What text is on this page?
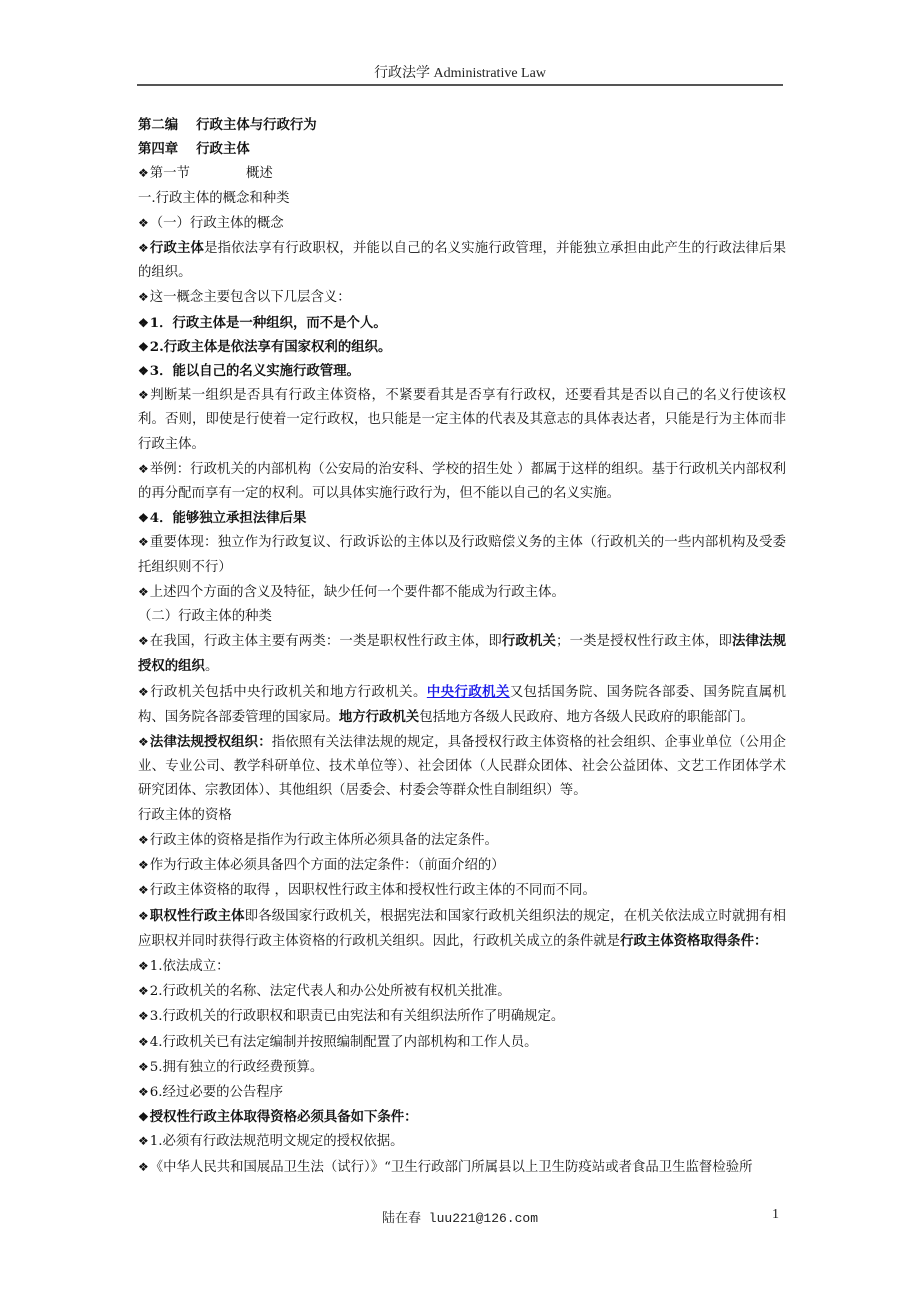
行政法学 Administrative Law

第二编 行政主体与行政行为

第四章 行政主体

❖第一节	概述

一.行政主体的概念和种类

❖（一）行政主体的概念

❖行政主体是指依法享有行政职权，并能以自己的名义实施行政管理，并能独立承担由此产生的行政法律后果的组织。

❖这一概念主要包含以下几层含义：

❖1．行政主体是一种组织，而不是个人。

❖2.行政主体是依法享有国家权利的组织。

❖3．能以自己的名义实施行政管理。

❖判断某一组织是否具有行政主体资格，不紧要看其是否享有行政权，还要看其是否以自己的名义行使该权利。否则，即使是行使着一定行政权，也只能是一定主体的代表及其意志的具体表达者，只能是行为主体而非行政主体。

❖举例：行政机关的内部机构（公安局的治安科、学校的招生处 ）都属于这样的组织。基于行政机关内部权利的再分配而享有一定的权利。可以具体实施行政行为，但不能以自己的名义实施。

❖4．能够独立承担法律后果

❖重要体现：独立作为行政复议、行政诉讼的主体以及行政赔偿义务的主体（行政机关的一些内部机构及受委托组织则不行）

❖上述四个方面的含义及特征，缺少任何一个要件都不能成为行政主体。

（二）行政主体的种类

❖在我国，行政主体主要有两类：一类是职权性行政主体，即行政机关；一类是授权性行政主体，即法律法规授权的组织。

❖行政机关包括中央行政机关和地方行政机关。中央行政机关又包括国务院、国务院各部委、国务院直属机构、国务院各部委管理的国家局。地方行政机关包括地方各级人民政府、地方各级人民政府的职能部门。

❖法律法规授权组织：指依照有关法律法规的规定，具备授权行政主体资格的社会组织、企事业单位（公用企业、专业公司、教学科研单位、技术单位等）、社会团体（人民群众团体、社会公益团体、文艺工作团体学术研究团体、宗教团体）、其他组织（居委会、村委会等群众性自制组织）等。

行政主体的资格

❖行政主体的资格是指作为行政主体所必须具备的法定条件。

❖作为行政主体必须具备四个方面的法定条件：（前面介绍的）

❖行政主体资格的取得 ，因职权性行政主体和授权性行政主体的不同而不同。

❖职权性行政主体即各级国家行政机关，根据宪法和国家行政机关组织法的规定，在机关依法成立时就拥有相应职权并同时获得行政主体资格的行政机关组织。因此，行政机关成立的条件就是行政主体资格取得条件：

❖1.依法成立：

❖2.行政机关的名称、法定代表人和办公处所被有权机关批准。

❖3.行政机关的行政职权和职责已由宪法和有关组织法所作了明确规定。

❖4.行政机关已有法定编制并按照编制配置了内部机构和工作人员。

❖5.拥有独立的行政经费预算。

❖6.经过必要的公告程序

❖授权性行政主体取得资格必须具备如下条件：

❖1.必须有行政法规范明文规定的授权依据。

❖《中华人民共和国展品卫生法（试行）》“卫生行政部门所属县以上卫生防疫站或者食品卫生监督检验所

陆在春 luu221@126.com	1
